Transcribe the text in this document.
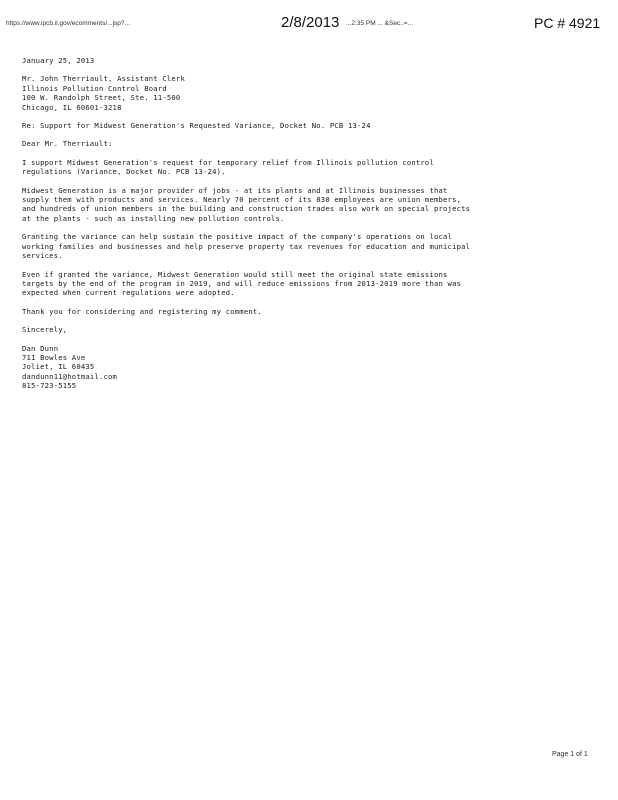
https://www.ipcb.il.gov/ecomments/...jsp?...	2/8/2013 ...2:35 PM ... &Sec..=...	PC # 4921

January 25, 2013

Mr. John Therriault, Assistant Clerk
Illinois Pollution Control Board
100 W. Randolph Street, Ste. 11-500
Chicago, IL 60601-3218

Re: Support for Midwest Generation's Requested Variance, Docket No. PCB 13-24

Dear Mr. Therriault:

I support Midwest Generation's request for temporary relief from Illinois pollution control
regulations (Variance, Docket No. PCB 13-24).

Midwest Generation is a major provider of jobs - at its plants and at Illinois businesses that
supply them with products and services. Nearly 70 percent of its 830 employees are union members,
and hundreds of union members in the building and construction trades also work on special projects
at the plants - such as installing new pollution controls.

Granting the variance can help sustain the positive impact of the company's operations on local
working families and businesses and help preserve property tax revenues for education and municipal
services.

Even if granted the variance, Midwest Generation would still meet the original state emissions
targets by the end of the program in 2019, and will reduce emissions from 2013-2019 more than was
expected when current regulations were adopted.

Thank you for considering and registering my comment.

Sincerely,

Dan Dunn
711 Bowles Ave
Joliet, IL 60435
dandunn11@hotmail.com
815-723-5155

Page 1 of 1
